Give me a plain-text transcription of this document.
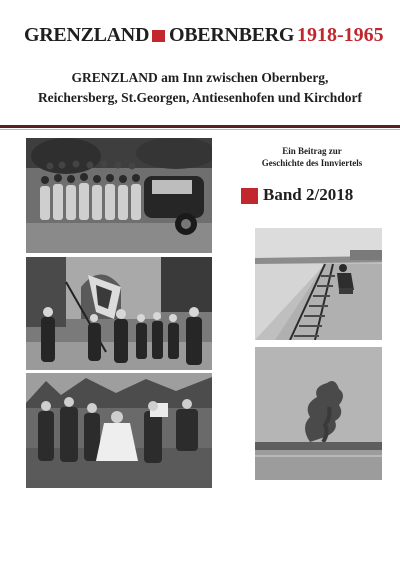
GRENZLAND OBERNBERG 1918-1965
GRENZLAND am Inn zwischen Obernberg,
Reichersberg, St.Georgen, Antiesenhofen und Kirchdorf
Ein Beitrag zur
Geschichte des Innviertels
Band 2/2018
